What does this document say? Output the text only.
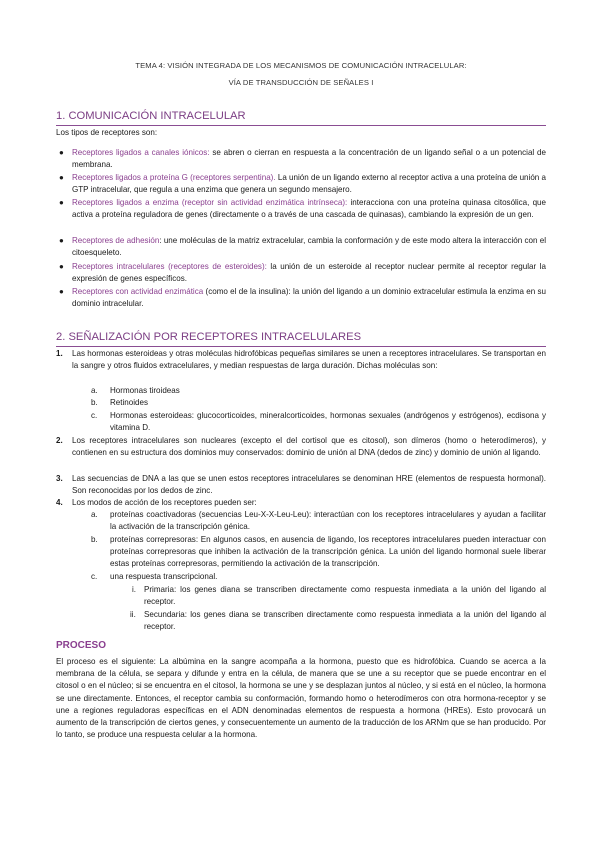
TEMA 4: VISIÓN INTEGRADA DE LOS MECANISMOS DE COMUNICACIÓN INTRACELULAR:
VÍA DE TRANSDUCCIÓN DE SEÑALES I
1. COMUNICACIÓN INTRACELULAR
Los tipos de receptores son:
● Receptores ligados a canales iónicos: se abren o cierran en respuesta a la concentración de un ligando señal o a un potencial de membrana.
● Receptores ligados a proteína G (receptores serpentina). La unión de un ligando externo al receptor activa a una proteína de unión a GTP intracelular, que regula a una enzima que genera un segundo mensajero.
● Receptores ligados a enzima (receptor sin actividad enzimática intrínseca): interacciona con una proteína quinasa citosólica, que activa a proteína reguladora de genes (directamente o a través de una cascada de quinasas), cambiando la expresión de un gen.
● Receptores de adhesión: une moléculas de la matriz extracelular, cambia la conformación y de este modo altera la interacción con el citoesqueleto.
● Receptores intracelulares (receptores de esteroides): la unión de un esteroide al receptor nuclear permite al receptor regular la expresión de genes específicos.
● Receptores con actividad enzimática (como el de la insulina): la unión del ligando a un dominio extracelular estimula la enzima en su dominio intracelular.
2. SEÑALIZACIÓN POR RECEPTORES INTRACELULARES
1. Las hormonas esteroideas y otras moléculas hidrofóbicas pequeñas similares se unen a receptores intracelulares. Se transportan en la sangre y otros fluidos extracelulares, y median respuestas de larga duración. Dichas moléculas son:
a. Hormonas tiroideas
b. Retinoides
c. Hormonas esteroideas: glucocorticoides, mineralcorticoides, hormonas sexuales (andrógenos y estrógenos), ecdisona y vitamina D.
2. Los receptores intracelulares son nucleares (excepto el del cortisol que es citosol), son dímeros (homo o heterodímeros), y contienen en su estructura dos dominios muy conservados: dominio de unión al DNA (dedos de zinc) y dominio de unión al ligando.
3. Las secuencias de DNA a las que se unen estos receptores intracelulares se denominan HRE (elementos de respuesta hormonal). Son reconocidas por los dedos de zinc.
4. Los modos de acción de los receptores pueden ser:
a. proteínas coactivadoras (secuencias Leu-X-X-Leu-Leu): interactúan con los receptores intracelulares y ayudan a facilitar la activación de la transcripción génica.
b. proteínas correpresoras: En algunos casos, en ausencia de ligando, los receptores intracelulares pueden interactuar con proteínas correpresoras que inhiben la activación de la transcripción génica. La unión del ligando hormonal suele liberar estas proteínas correpresoras, permitiendo la activación de la transcripción.
c. una respuesta transcripcional.
i. Primaria: los genes diana se transcriben directamente como respuesta inmediata a la unión del ligando al receptor.
ii. Secundaria: los genes diana se transcriben directamente como respuesta inmediata a la unión del ligando al receptor.
PROCESO
El proceso es el siguiente: La albúmina en la sangre acompaña a la hormona, puesto que es hidrofóbica. Cuando se acerca a la membrana de la célula, se separa y difunde y entra en la célula, de manera que se une a su receptor que se puede encontrar en el citosol o en el núcleo; si se encuentra en el citosol, la hormona se une y se desplazan juntos al núcleo, y si está en el núcleo, la hormona se une directamente. Entonces, el receptor cambia su conformación, formando homo o heterodímeros con otra hormona-receptor y se une a regiones reguladoras específicas en el ADN denominadas elementos de respuesta a hormona (HREs). Esto provocará un aumento de la transcripción de ciertos genes, y consecuentemente un aumento de la traducción de los ARNm que se han producido. Por lo tanto, se produce una respuesta celular a la hormona.
